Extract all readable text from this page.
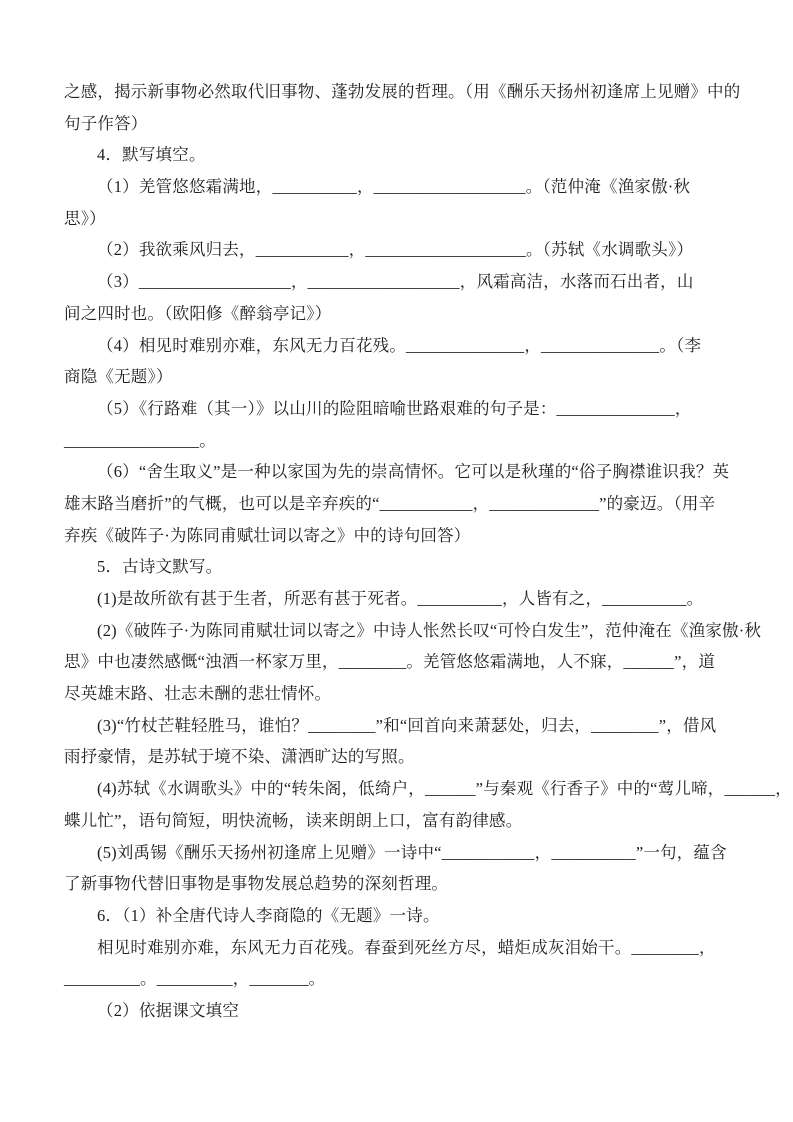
之感，揭示新事物必然取代旧事物、蓬勃发展的哲理。（用《酬乐天扬州初逢席上见赠》中的
句子作答）
4．默写填空。
（1）羌管悠悠霜满地，__________，__________________。（范仲淹《渔家傲·秋
思》）
（2）我欲乘风归去，___________，___________________。（苏轼《水调歌头》）
（3）__________________，__________________，风霜高洁，水落而石出者，山
间之四时也。（欧阳修《醉翁亭记》）
（4）相见时难别亦难，东风无力百花残。______________，______________。（李
商隐《无题》）
（5）《行路难（其一）》以山川的险阻暗喻世路艰难的句子是：______________，
________________。
（6）“舍生取义”是一种以家国为先的崇高情怀。它可以是秋瑾的“俗子胸襟谁识我？英
雄末路当磨折”的气概，也可以是辛弃疾的“___________，_____________”的豪迈。（用辛
弃疾《破阵子·为陈同甫赋壮词以寄之》中的诗句回答）
5．古诗文默写。
(1)是故所欲有甚于生者，所恶有甚于死者。__________，人皆有之，__________。
(2)《破阵子·为陈同甫赋壮词以寄之》中诗人怅然长叹“可怜白发生”，范仲淹在《渔家傲·秋
思》中也凄然感慨“浊酒一杯家万里，________。羌管悠悠霜满地，人不寐，______”，道
尽英雄末路、壮志未酬的悲壮情怀。
(3)“竹杖芒鞋轻胜马，谁怕？________”和“回首向来萧瑟处，归去，________”，借风
雨抒豪情，是苏轼于境不染、潇洒旷达的写照。
(4)苏轼《水调歌头》中的“转朱阁，低绮户，______”与秦观《行香子》中的“莺儿啼，______，
蝶儿忙”，语句简短，明快流畅，读来朗朗上口，富有韵律感。
(5)刘禹锡《酬乐天扬州初逢席上见赠》一诗中“___________，__________”一句，蕴含
了新事物代替旧事物是事物发展总趋势的深刻哲理。
6．（1）补全唐代诗人李商隐的《无题》一诗。
相见时难别亦难，东风无力百花残。春蚕到死丝方尽，蜡炬成灰泪始干。________，
_________。_________，_______。
（2）依据课文填空
